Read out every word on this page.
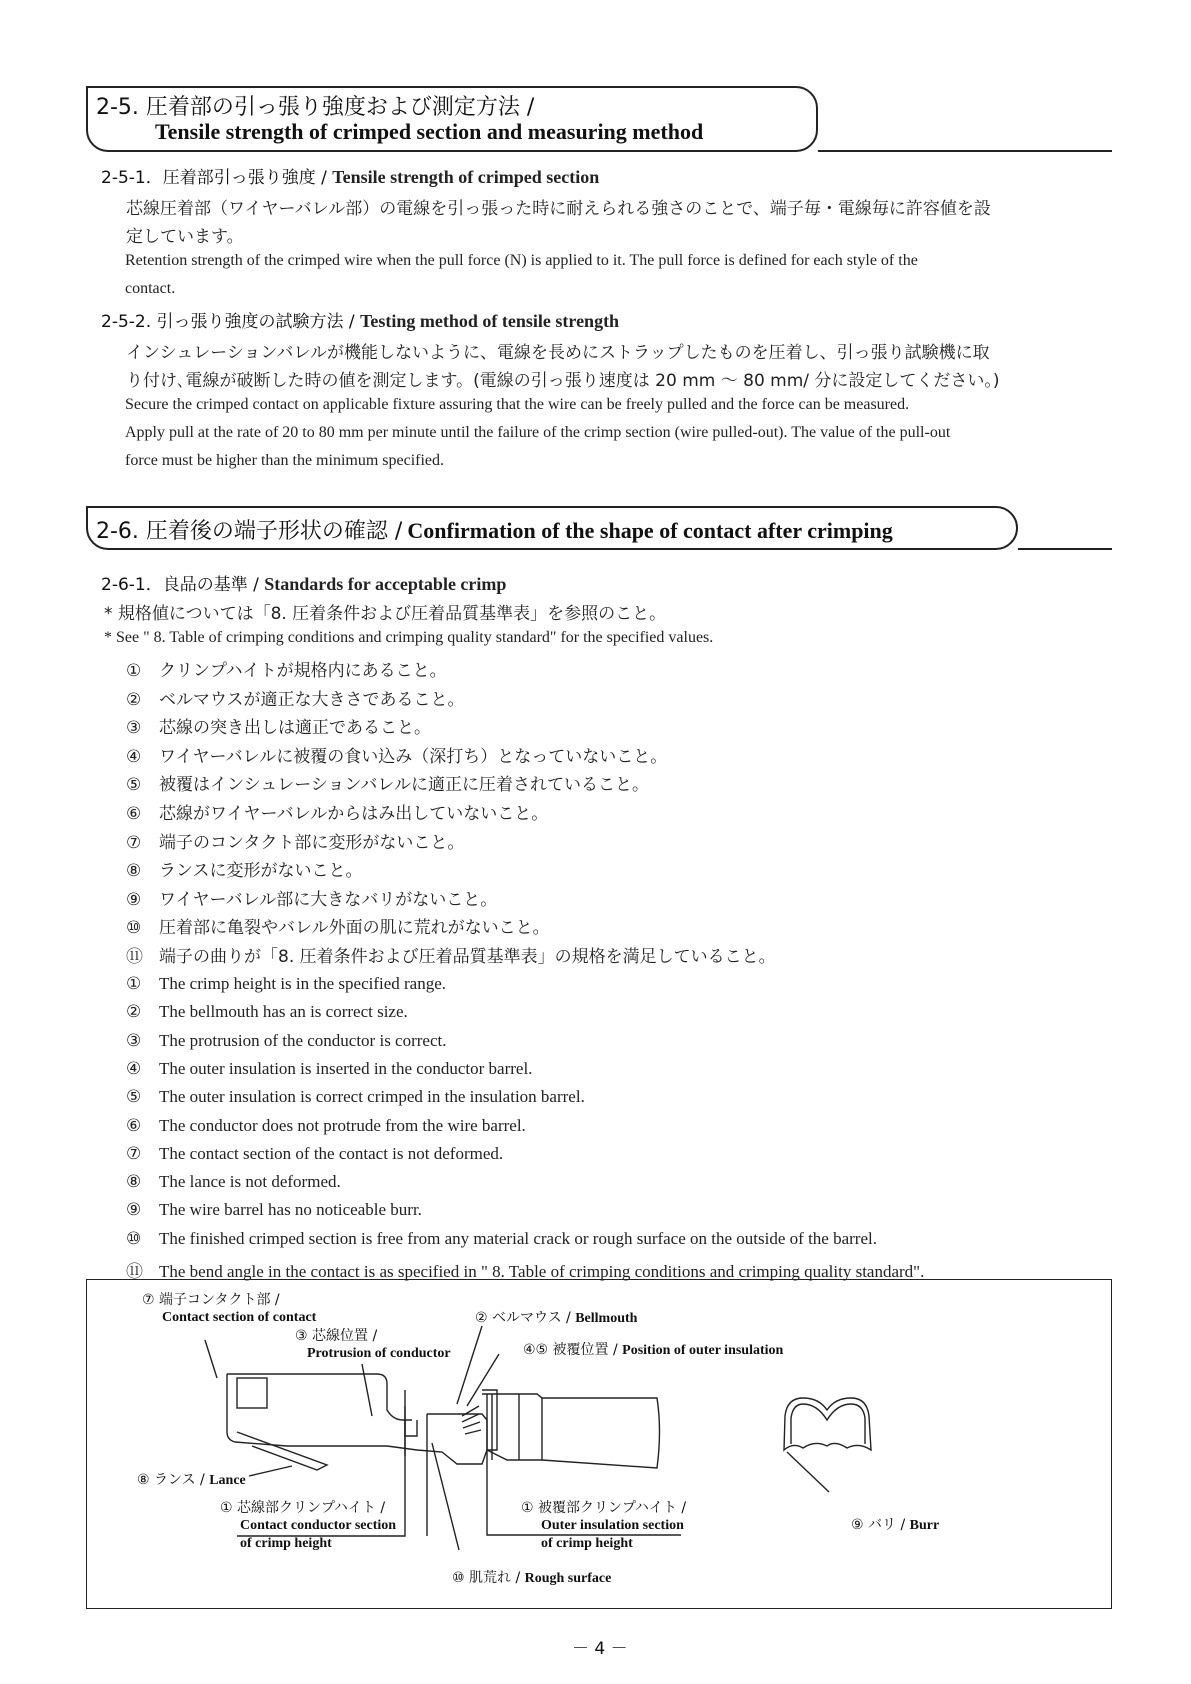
2-5. 圧着部の引っ張り強度および測定方法 /
Tensile strength of crimped section and measuring method
2-5-1．圧着部引っ張り強度 / Tensile strength of crimped section
芯線圧着部（ワイヤーバレル部）の電線を引っ張った時に耐えられる強さのことで、端子毎・電線毎に許容値を設
定しています。
Retention strength of the crimped wire when the pull force (N) is applied to it. The pull force is defined for each style of the
contact.
2-5-2. 引っ張り強度の試験方法 / Testing method of tensile strength
インシュレーションバレルが機能しないように、電線を長めにストラップしたものを圧着し、引っ張り試験機に取
り付け､電線が破断した時の値を測定します。(電線の引っ張り速度は 20 mm ～ 80 mm/ 分に設定してください。)
Secure the crimped contact on applicable fixture assuring that the wire can be freely pulled and the force can be measured.
Apply pull at the rate of 20 to 80 mm per minute until the failure of the crimp section (wire pulled-out). The value of the pull-out
force must be higher than the minimum specified.
2-6. 圧着後の端子形状の確認 / Confirmation of the shape of contact after crimping
2-6-1．良品の基準 / Standards for acceptable crimp
* 規格値については「8. 圧着条件および圧着品質基準表」を参照のこと。
* See " 8. Table of crimping conditions and crimping quality standard" for the specified values.
① クリンプハイトが規格内にあること。
② ベルマウスが適正な大きさであること。
③ 芯線の突き出しは適正であること。
④ ワイヤーバレルに被覆の食い込み（深打ち）となっていないこと。
⑤ 被覆はインシュレーションバレルに適正に圧着されていること。
⑥ 芯線がワイヤーバレルからはみ出していないこと。
⑦ 端子のコンタクト部に変形がないこと。
⑧ ランスに変形がないこと。
⑨ ワイヤーバレル部に大きなバリがないこと。
⑩ 圧着部に亀裂やバレル外面の肌に荒れがないこと。
⑪ 端子の曲りが「8. 圧着条件および圧着品質基準表」の規格を満足していること。
① The crimp height is in the specified range.
② The bellmouth has an is correct size.
③ The protrusion of the conductor is correct.
④ The outer insulation is inserted in the conductor barrel.
⑤ The outer insulation is correct crimped in the insulation barrel.
⑥ The conductor does not protrude from the wire barrel.
⑦ The contact section of the contact is not deformed.
⑧ The lance is not deformed.
⑨ The wire barrel has no noticeable burr.
⑩ The finished crimped section is free from any material crack or rough surface on the outside of the barrel.
⑪ The bend angle in the contact is as specified in " 8. Table of crimping conditions and crimping quality standard".
⑦ 端子コンタクト部 /
Contact section of contact	② ベルマウス / Bellmouth
③ 芯線位置 /
Protrusion of conductor	④⑤ 被覆位置 / Position of outer insulation
⑧ ランス / Lance
① 芯線部クリンプハイト /
Contact conductor section
of crimp height
① 被覆部クリンプハイト /
Outer insulation section
of crimp height
⑨ バリ / Burr
⑩ 肌荒れ / Rough surface
－ 4 －
